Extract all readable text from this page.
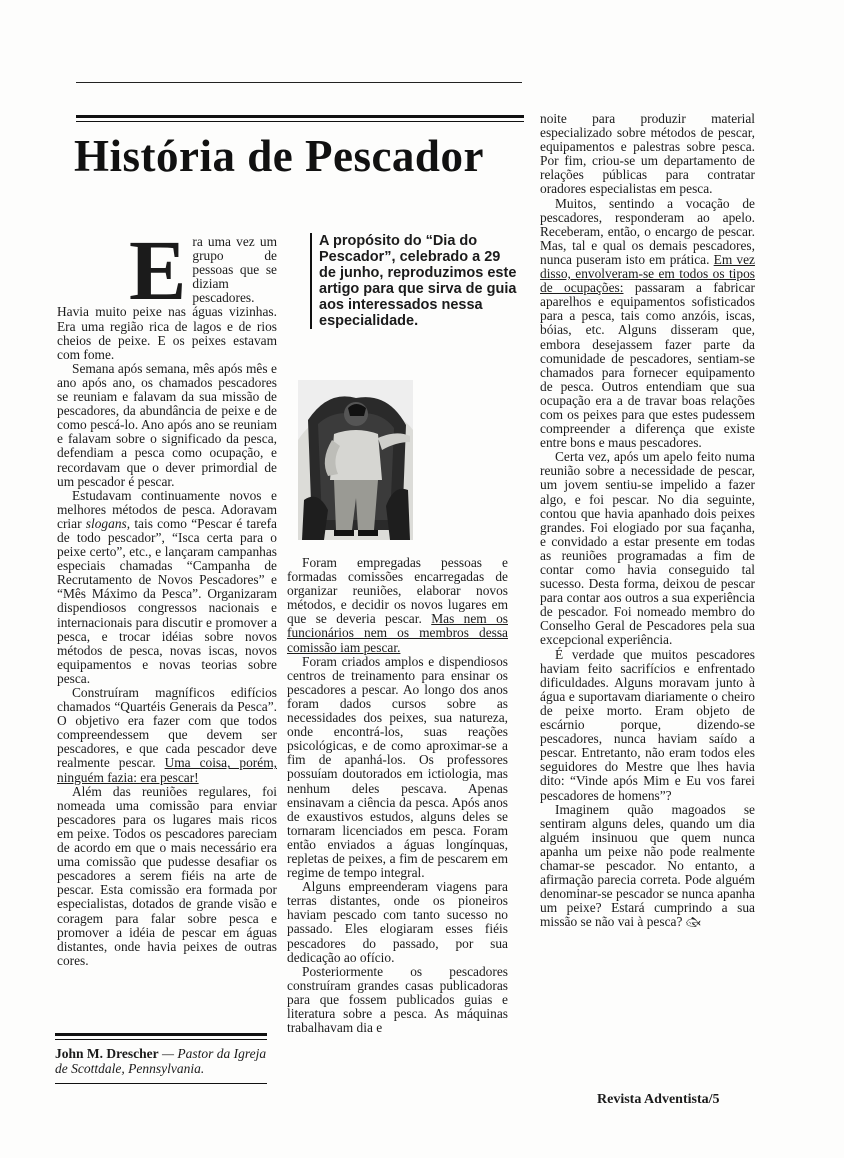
História de Pescador
E ra uma vez um grupo de pessoas que se diziam pescadores. Havia muito peixe nas águas vizinhas. Era uma região rica de lagos e de rios cheios de peixe. E os peixes estavam com fome.

Semana após semana, mês após mês e ano após ano, os chamados pescadores se reuniam e falavam da sua missão de pescadores, da abundância de peixe e de como pescá-lo. Ano após ano se reuniam e falavam sobre o significado da pesca, defendiam a pesca como ocupação, e recordavam que o dever primordial de um pescador é pescar.

Estudavam continuamente novos e melhores métodos de pesca. Adoravam criar slogans, tais como “Pescar é tarefa de todo pescador”, “Isca certa para o peixe certo”, etc., e lançaram campanhas especiais chamadas “Campanha de Recrutamento de Novos Pescadores” e “Mês Máximo da Pesca”. Organizaram dispendiosos congressos nacionais e internacionais para discutir e promover a pesca, e trocar idéias sobre novos métodos de pesca, novas iscas, novos equipamentos e novas teorias sobre pesca.

Construíram magníficos edifícios chamados “Quartéis Generais da Pesca”. O objetivo era fazer com que todos compreendessem que devem ser pescadores, e que cada pescador deve realmente pescar. Uma coisa, porém, ninguém fazia: era pescar!

Além das reuniões regulares, foi nomeada uma comissão para enviar pescadores para os lugares mais ricos em peixe. Todos os pescadores pareciam de acordo em que o mais necessário era uma comissão que pudesse desafiar os pescadores a serem fiéis na arte de pescar. Esta comissão era formada por especialistas, dotados de grande visão e coragem para falar sobre pesca e promover a idéia de pescar em águas distantes, onde havia peixes de outras cores.

A propósito do “Dia do Pescador”, celebrado a 29 de junho, reproduzimos este artigo para que sirva de guia aos interessados nessa especialidade.

Foram empregadas pessoas e formadas comissões encarregadas de organizar reuniões, elaborar novos métodos, e decidir os novos lugares em que se deveria pescar. Mas nem os funcionários nem os membros dessa comissão iam pescar.

Foram criados amplos e dispendiosos centros de treinamento para ensinar os pescadores a pescar. Ao longo dos anos foram dados cursos sobre as necessidades dos peixes, sua natureza, onde encontrá-los, suas reações psicológicas, e de como aproximar-se a fim de apanhá-los. Os professores possuíam doutorados em ictiologia, mas nenhum deles pescava. Apenas ensinavam a ciência da pesca. Após anos de exaustivos estudos, alguns deles se tornaram licenciados em pesca. Foram então enviados a águas longínquas, repletas de peixes, a fim de pescarem em regime de tempo integral.

Alguns empreenderam viagens para terras distantes, onde os pioneiros haviam pescado com tanto sucesso no passado. Eles elogiaram esses fiéis pescadores do passado, por sua dedicação ao ofício.

Posteriormente os pescadores construíram grandes casas publicadoras para que fossem publicados guias e literatura sobre a pesca. As máquinas trabalhavam dia e

noite para produzir material especializado sobre métodos de pescar, equipamentos e palestras sobre pesca. Por fim, criou-se um departamento de relações públicas para contratar oradores especialistas em pesca.

Muitos, sentindo a vocação de pescadores, responderam ao apelo. Receberam, então, o encargo de pescar. Mas, tal e qual os demais pescadores, nunca puseram isto em prática. Em vez disso, envolveram-se em todos os tipos de ocupações: passaram a fabricar aparelhos e equipamentos sofisticados para a pesca, tais como anzóis, iscas, bóias, etc. Alguns disseram que, embora desejassem fazer parte da comunidade de pescadores, sentiam-se chamados para fornecer equipamento de pesca. Outros entendiam que sua ocupação era a de travar boas relações com os peixes para que estes pudessem compreender a diferença que existe entre bons e maus pescadores.

Certa vez, após um apelo feito numa reunião sobre a necessidade de pescar, um jovem sentiu-se impelido a fazer algo, e foi pescar. No dia seguinte, contou que havia apanhado dois peixes grandes. Foi elogiado por sua façanha, e convidado a estar presente em todas as reuniões programadas a fim de contar como havia conseguido tal sucesso. Desta forma, deixou de pescar para contar aos outros a sua experiência de pescador. Foi nomeado membro do Conselho Geral de Pescadores pela sua excepcional experiência.

É verdade que muitos pescadores haviam feito sacrifícios e enfrentado dificuldades. Alguns moravam junto à água e suportavam diariamente o cheiro de peixe morto. Eram objeto de escárnio porque, dizendo-se pescadores, nunca haviam saído a pescar. Entretanto, não eram todos eles seguidores do Mestre que lhes havia dito: “Vinde após Mim e Eu vos farei pescadores de homens”?

Imaginem quão magoados se sentiram alguns deles, quando um dia alguém insinuou que quem nunca apanha um peixe não pode realmente chamar-se pescador. No entanto, a afirmação parecia correta. Pode alguém denominar-se pescador se nunca apanha um peixe? Estará cumprindo a sua missão se não vai à pesca? 🐟︎

John M. Drescher — Pastor da Igreja de Scottdale, Pennsylvania.
Revista Adventista/5
